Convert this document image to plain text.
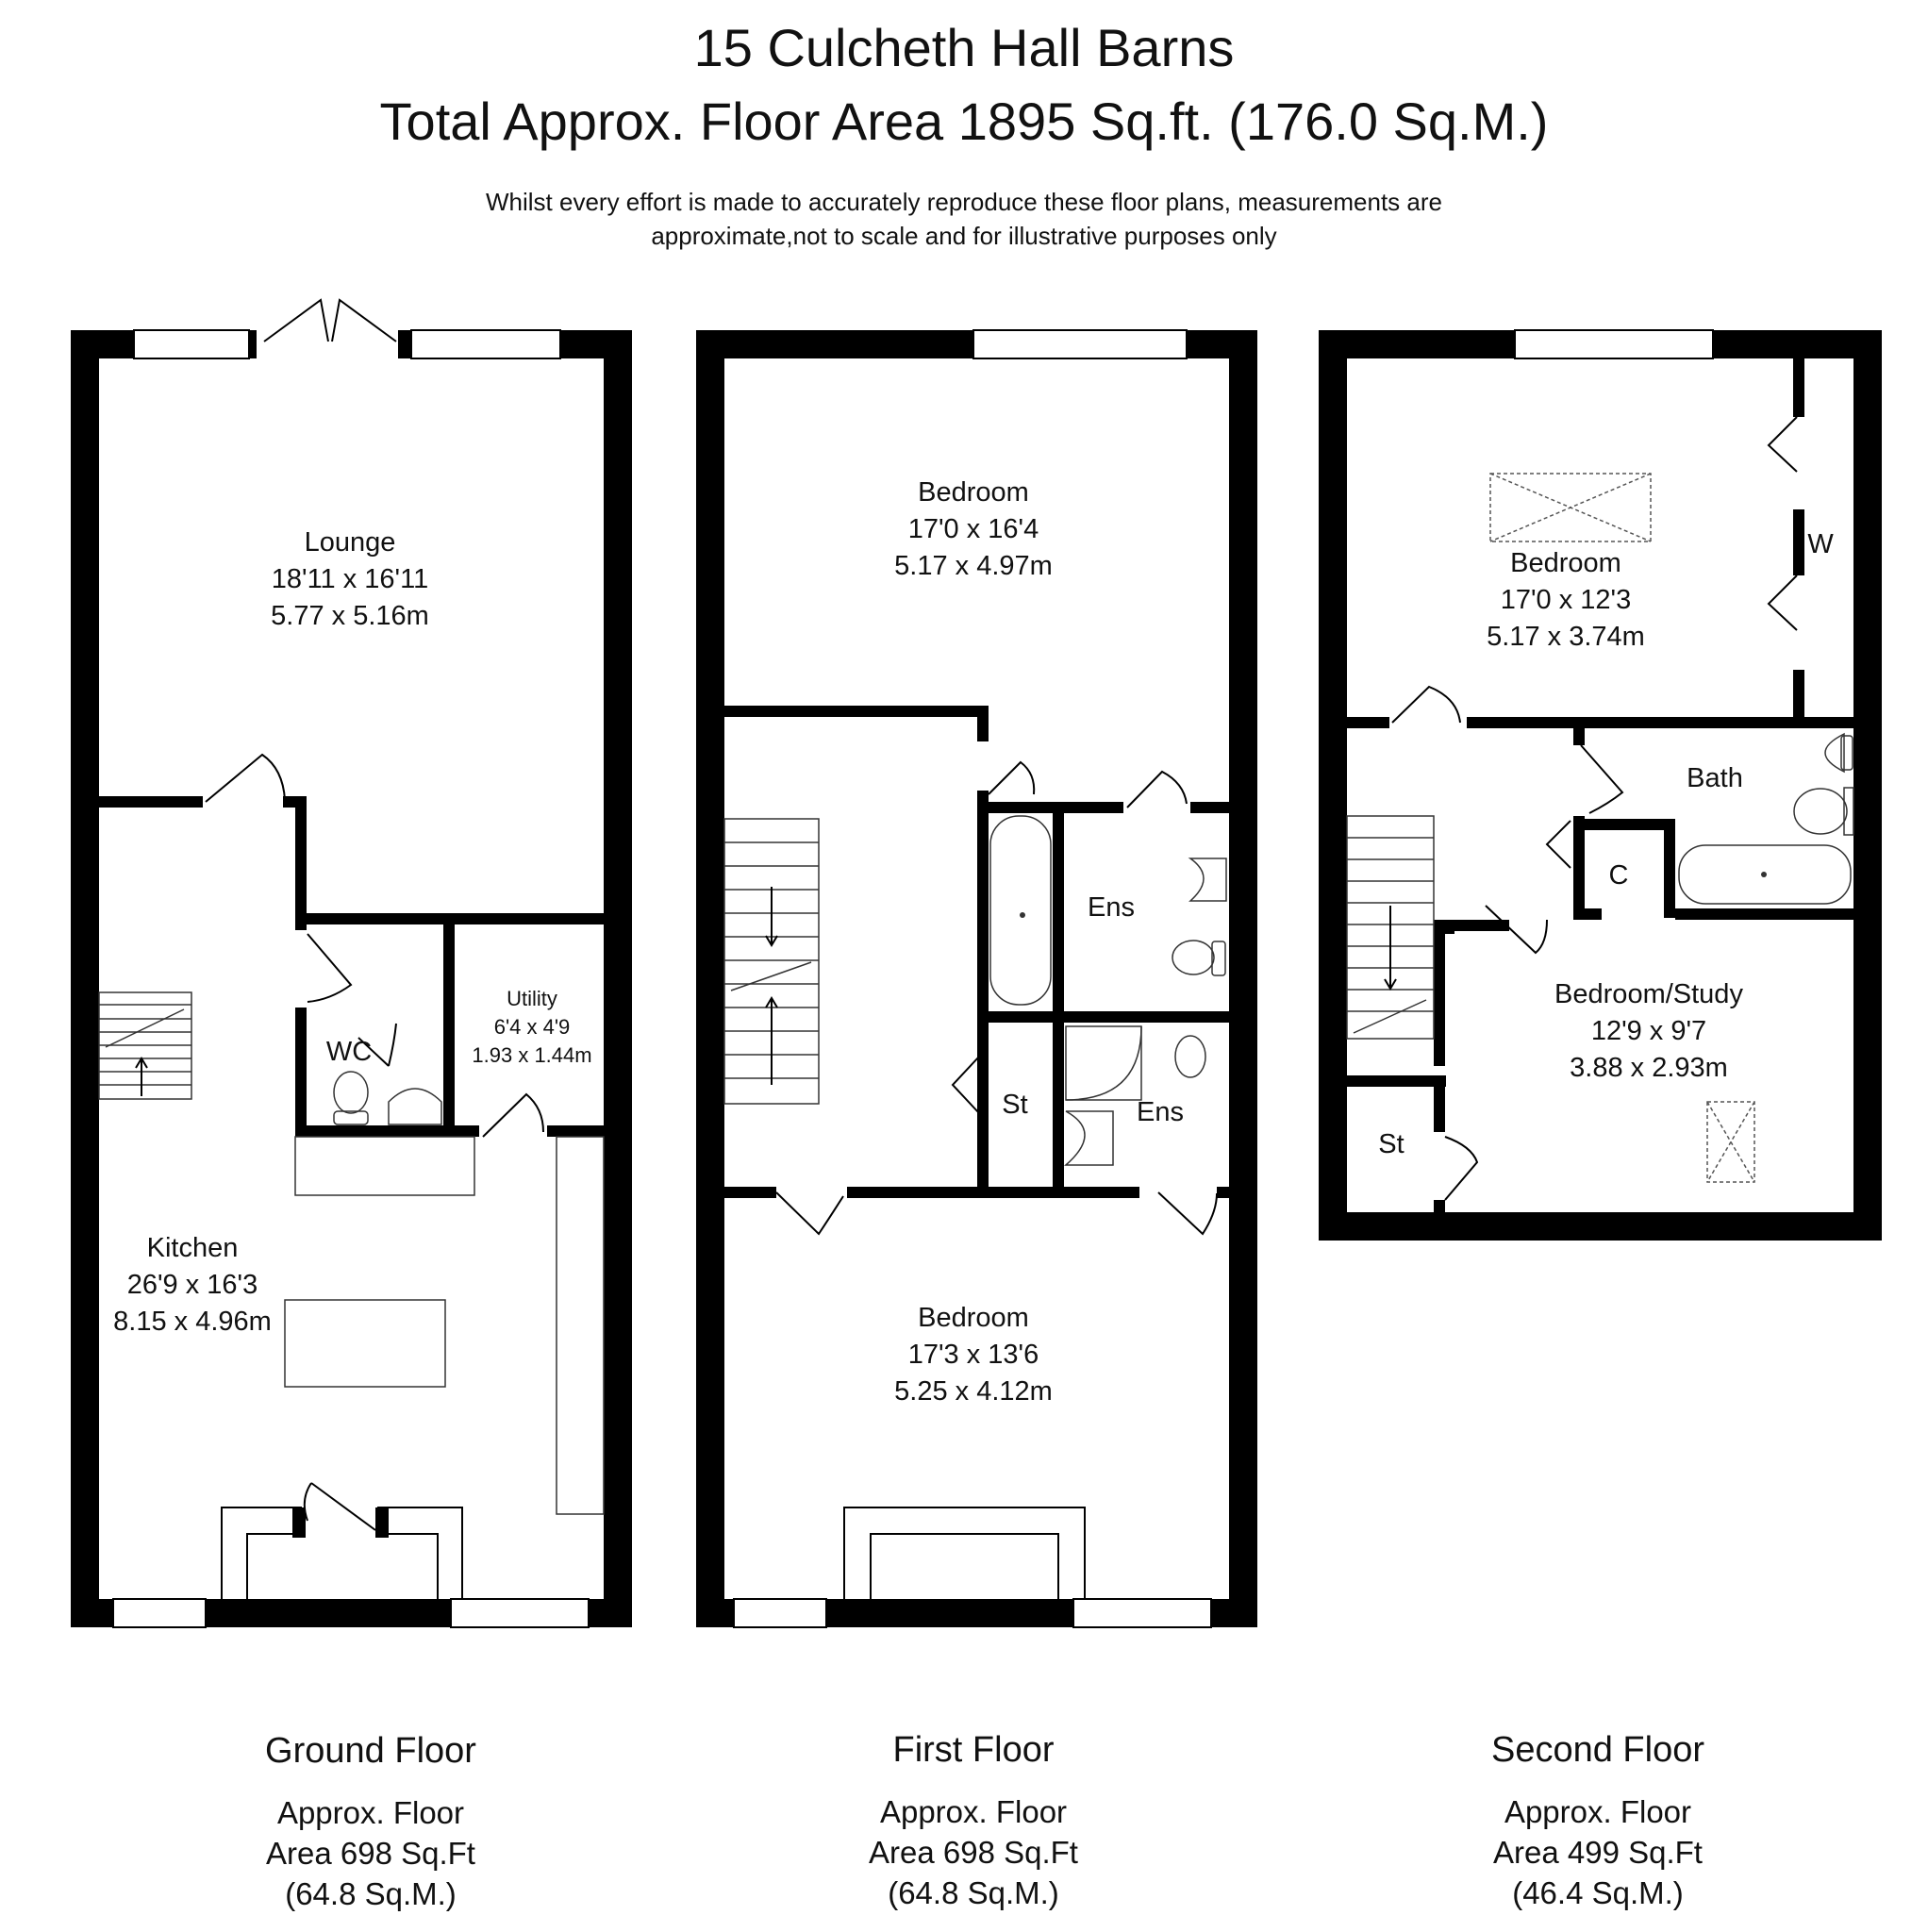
15 Culcheth Hall Barns
Total Approx. Floor Area 1895 Sq.ft. (176.0 Sq.M.)
Whilst every effort is made to accurately reproduce these floor plans, measurements are
approximate,not to scale and for illustrative purposes only
Lounge
18'11 x 16'11
5.77 x 5.16m
Utility
6'4 x 4'9
1.93 x 1.44m
WC
Kitchen
26'9 x 16'3
8.15 x 4.96m
Bedroom
17'0 x 16'4
5.17 x 4.97m
Ens
St	Ens
Bedroom
17'3 x 13'6
5.25 x 4.12m
Bedroom
17'0 x 12'3
5.17 x 3.74m
W
Bath
C
Bedroom/Study
12'9 x 9'7
3.88 x 2.93m
St
Ground Floor
Approx. Floor
Area 698 Sq.Ft
(64.8 Sq.M.)
First Floor
Approx. Floor
Area 698 Sq.Ft
(64.8 Sq.M.)
Second Floor
Approx. Floor
Area 499 Sq.Ft
(46.4 Sq.M.)
